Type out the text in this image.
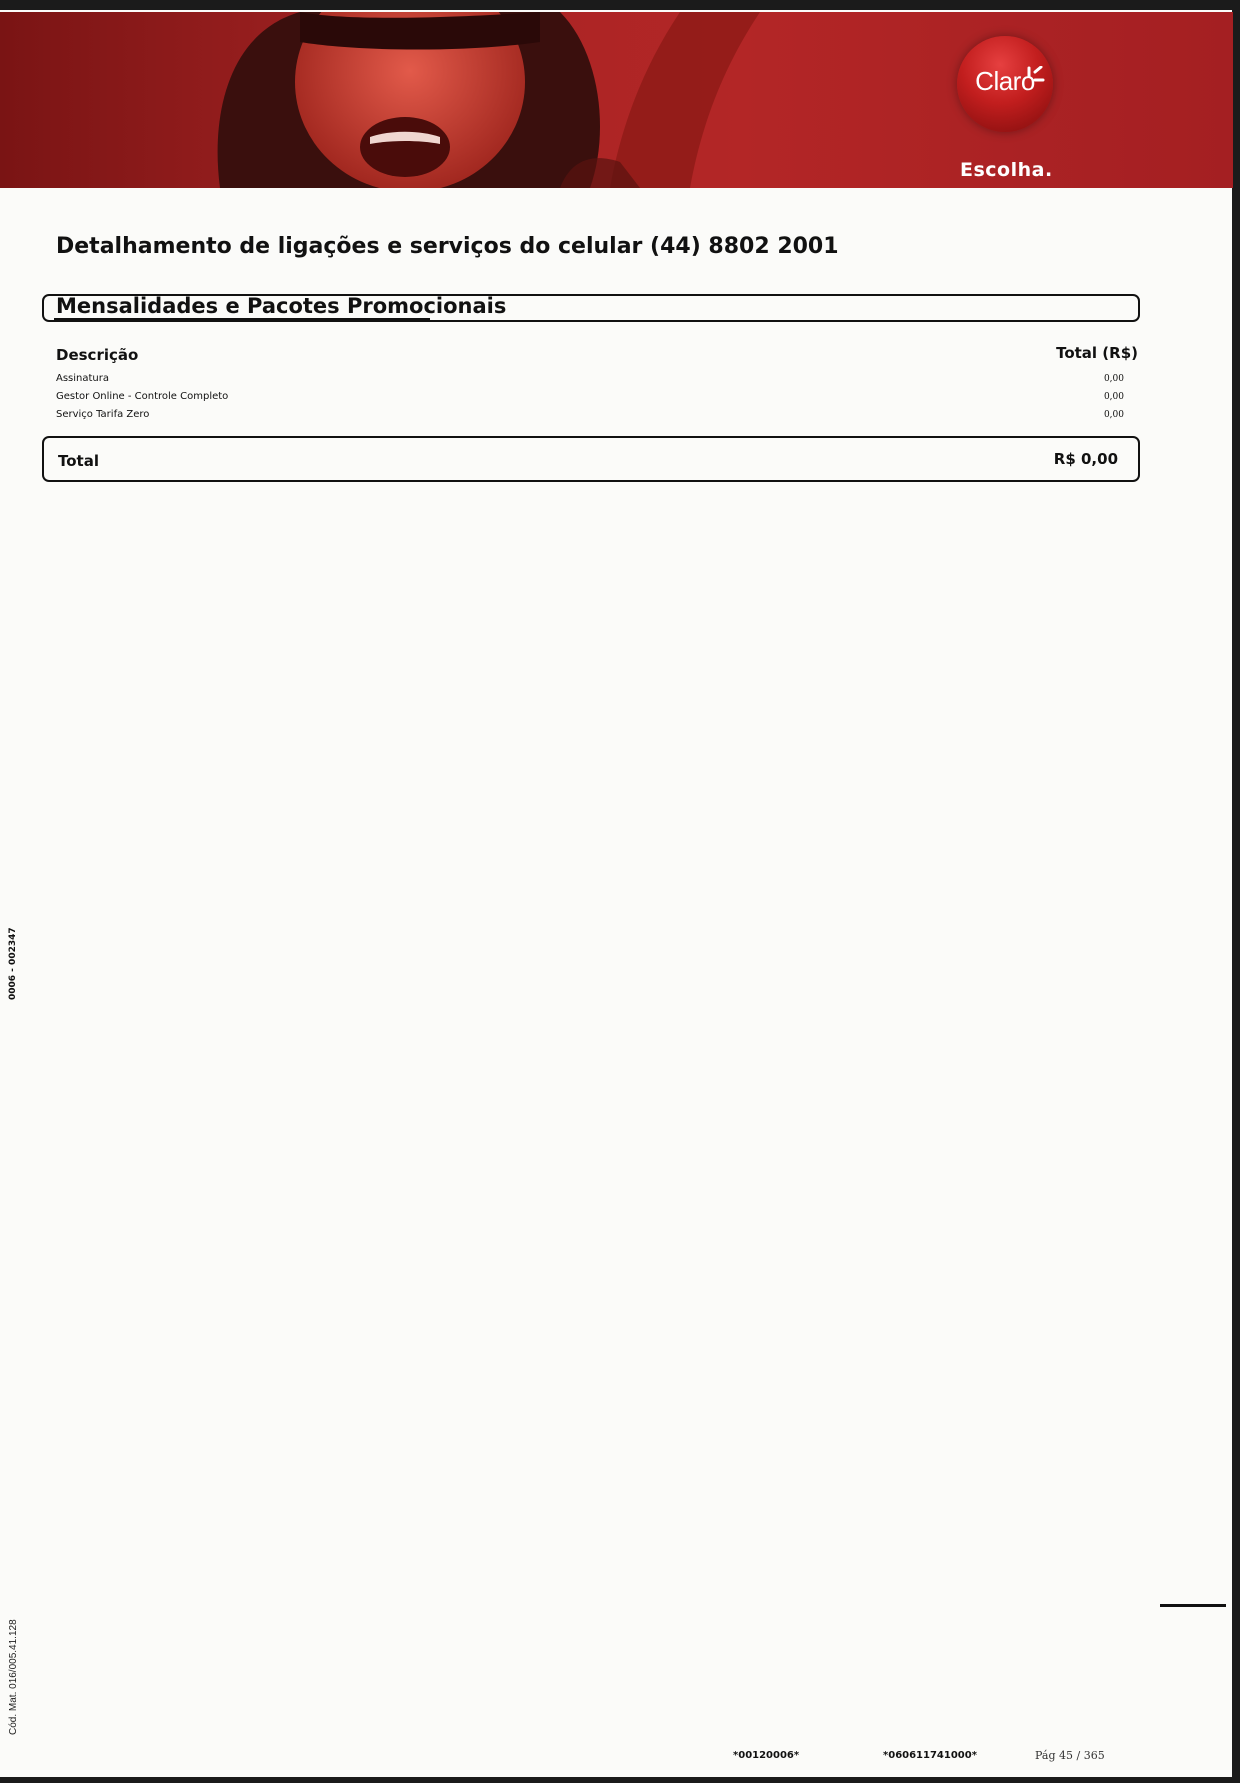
Claro
Escolha.
Detalhamento de ligações e serviços do celular (44) 8802 2001
Mensalidades e Pacotes Promocionais
Descrição	Total (R$)
Assinatura	0,00
Gestor Online - Controle Completo	0,00
Serviço Tarifa Zero	0,00
Total	R$ 0,00
0006 - 002347
Cód. Mat. 016/005.41.128
*00120006*	*060611741000*	Pág 45 / 365
